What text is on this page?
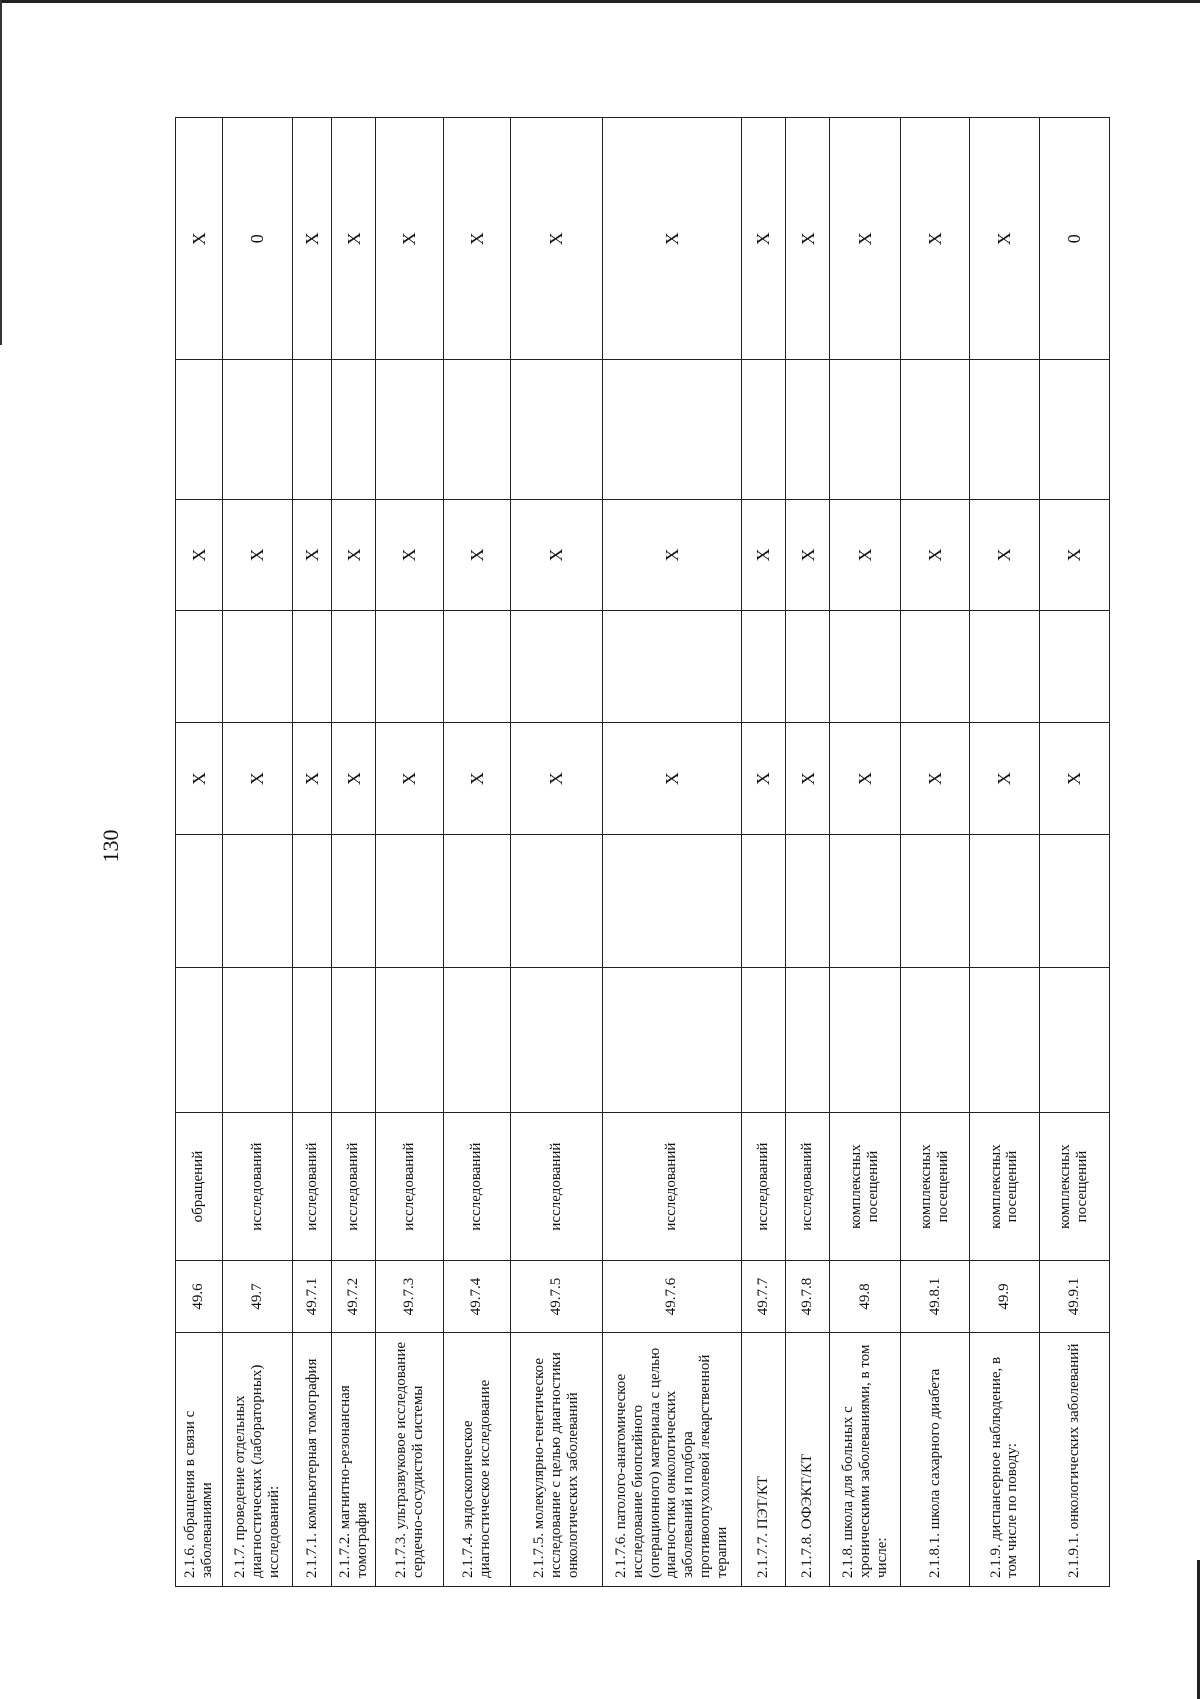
130
2.1.6. обращения в связи с заболеваниями	49.6	обращений			X		X		X
2.1.7. проведение отдельных диагностических (лабораторных) исследований:	49.7	исследований			X		X		0
2.1.7.1. компьютерная томография	49.7.1	исследований			X		X		X
2.1.7.2. магнитно-резонансная томография	49.7.2	исследований			X		X		X
2.1.7.3. ультразвуковое исследование сердечно-сосудистой системы	49.7.3	исследований			X		X		X
2.1.7.4. эндоскопическое диагностическое исследование	49.7.4	исследований			X		X		X
2.1.7.5. молекулярно-генетическое исследование с целью диагностики онкологических заболеваний	49.7.5	исследований			X		X		X
2.1.7.6. патолого-анатомическое исследование биопсийного (операционного) материала с целью диагностики онкологических заболеваний и подбора противоопухолевой лекарственной терапии	49.7.6	исследований			X		X		X
2.1.7.7. ПЭТ/КТ	49.7.7	исследований			X		X		X
2.1.7.8. ОФЭКТ/КТ	49.7.8	исследований			X		X		X
2.1.8. школа для больных с хроническими заболеваниями, в том числе:	49.8	комплексных посещений			X		X		X
2.1.8.1. школа сахарного диабета	49.8.1	комплексных посещений			X		X		X
2.1.9. диспансерное наблюдение, в том числе по поводу:	49.9	комплексных посещений			X		X		X
2.1.9.1. онкологических заболеваний	49.9.1	комплексных посещений			X		X		0
